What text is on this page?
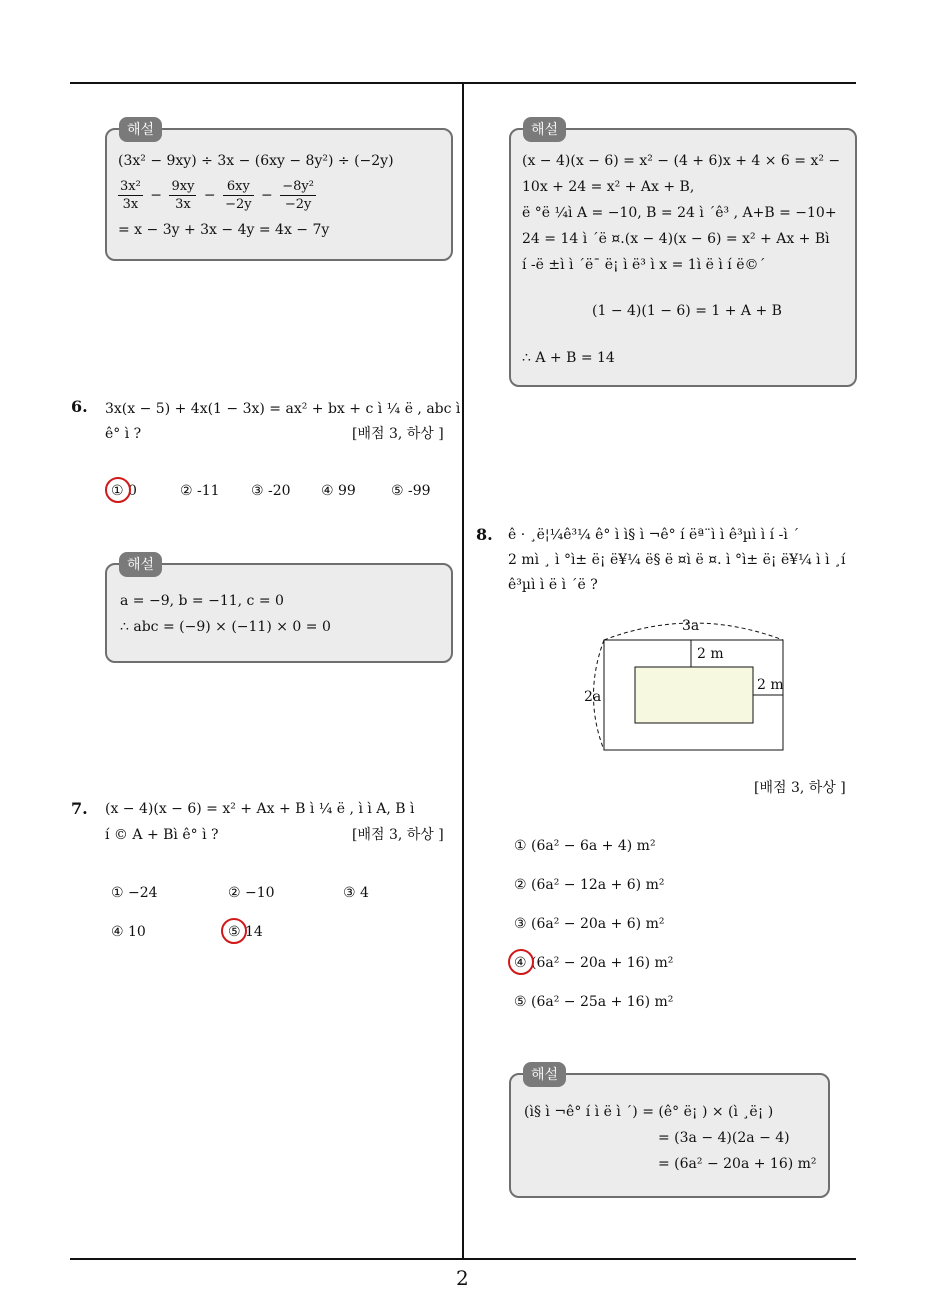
해설
(3x² − 9xy) ÷ 3x − (6xy − 8y²) ÷ (−2y)
$\frac{\text{3x²}}{3x} - \frac{9xy}{3x} - \frac{6xy}{-2y} - \frac{\text{−8y²}}{-2y}$
= x − 3y + 3x − 4y = 4x − 7y
6. 3x(x − 5) + 4x(1 − 3x) = ax² + bx + c ì ¼ ë , abc ì
ê° ì ?	[배점 3, 하상 ]
① 0	② -11 ③ -20 ④ 99	⑤ -99
해설
a = −9, b = −11, c = 0
∴ abc = (−9) × (−11) × 0 = 0
7. (x − 4)(x − 6) = x² + Ax + B ì ¼ ë , ì ì A, B ì
í © A + Bì ê° ì ?	[배점 3, 하상 ]
① −24	② −10	③ 4
④ 10	⑤ 14
해설
(x − 4)(x − 6) = x² − (4 + 6)x + 4 × 6 = x² −
10x + 24 = x² + Ax + B,
ë °ë ¼ì A = −10, B = 24 ì ´ê³ , A+B = −10+
24 = 14 ì ´ë ¤.(x − 4)(x − 6) = x² + Ax + Bì
í -ë ±ì ì ´ë¯ ë¡ ì ë³ ì x = 1ì ë ì í ë©´
(1 − 4)(1 − 6) = 1 + A + B
∴ A + B = 14
8. ê · ¸ë¦¼ê³¼ ê° ì ì§ ì ¬ê° í ëª¨ì ì ê³µì ì í -ì ´
2 mì ¸ ì °ì± ë¡ ë¥¼ ë§ ë ¤ì ë ¤. ì °ì± ë¡ ë¥¼ ì ì ¸í
ê³µì ì ë ì ´ë ?
3a
2a
2 m
2 m
[배점 3, 하상 ]
① (6a² − 6a + 4) m²
② (6a² − 12a + 6) m²
③ (6a² − 20a + 6) m²
④ (6a² − 20a + 16) m²
⑤ (6a² − 25a + 16) m²
해설
(ì§ ì ¬ê° í ì ë ì ´) = (ê° ë¡ ) × (ì ¸ë¡ )
= (3a − 4)(2a − 4)
= (6a² − 20a + 16) m²
2
